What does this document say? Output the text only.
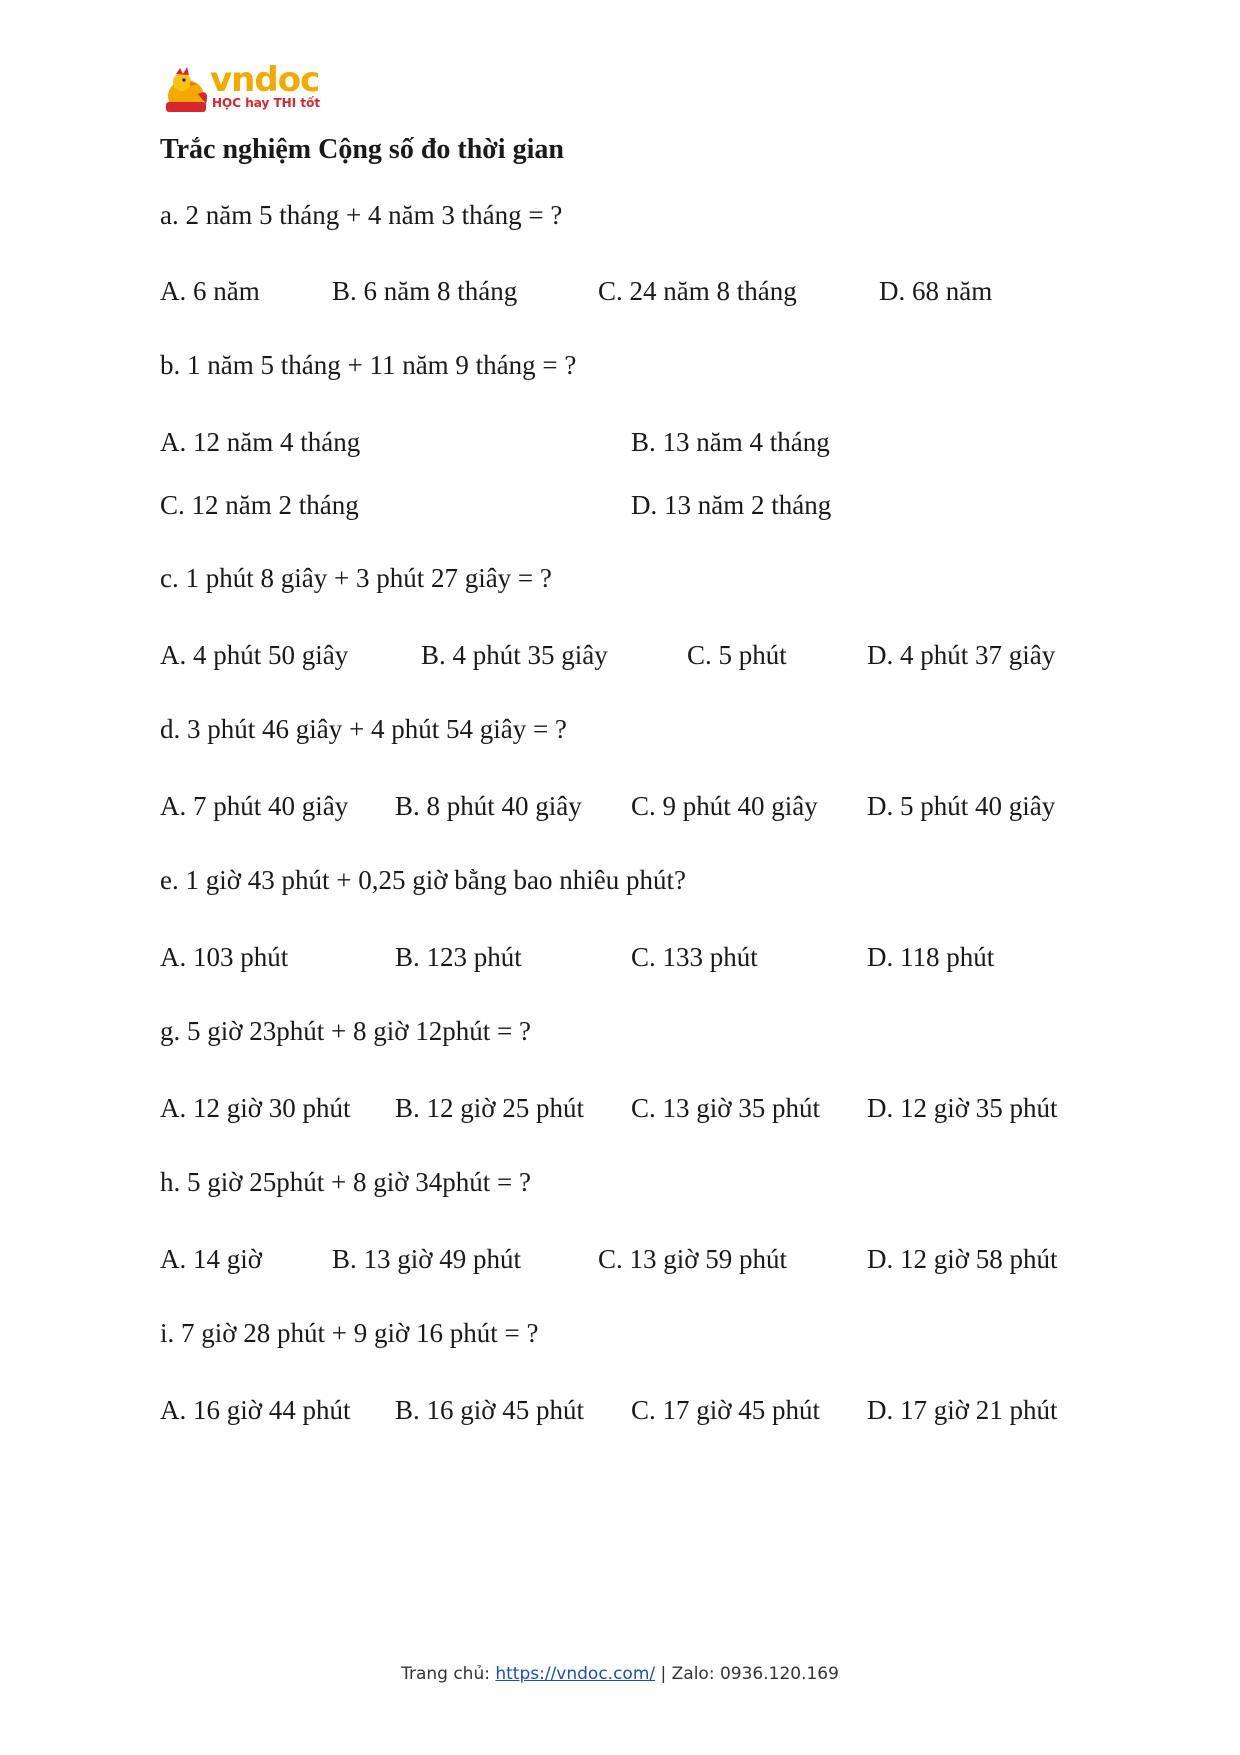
vndoc
HỌC hay THI tốt
Trắc nghiệm Cộng số đo thời gian
a. 2 năm 5 tháng + 4 năm 3 tháng = ?
A. 6 năm	B. 6 năm 8 tháng	C. 24 năm 8 tháng	D. 68 năm
b. 1 năm 5 tháng + 11 năm 9 tháng = ?
A. 12 năm 4 tháng	B. 13 năm 4 tháng
C. 12 năm 2 tháng	D. 13 năm 2 tháng
c. 1 phút 8 giây + 3 phút 27 giây = ?
A. 4 phút 50 giây	B. 4 phút 35 giây	C. 5 phút	D. 4 phút 37 giây
d. 3 phút 46 giây + 4 phút 54 giây = ?
A. 7 phút 40 giây B. 8 phút 40 giây C. 9 phút 40 giây D. 5 phút 40 giây
e. 1 giờ 43 phút + 0,25 giờ bằng bao nhiêu phút?
A. 103 phút	B. 123 phút	C. 133 phút	D. 118 phút
g. 5 giờ 23phút + 8 giờ 12phút = ?
A. 12 giờ 30 phút B. 12 giờ 25 phút C. 13 giờ 35 phút D. 12 giờ 35 phút
h. 5 giờ 25phút + 8 giờ 34phút = ?
A. 14 giờ	B. 13 giờ 49 phút	C. 13 giờ 59 phút	D. 12 giờ 58 phút
i. 7 giờ 28 phút + 9 giờ 16 phút = ?
A. 16 giờ 44 phút B. 16 giờ 45 phút C. 17 giờ 45 phút D. 17 giờ 21 phút
Trang chủ: https://vndoc.com/ | Zalo: 0936.120.169
